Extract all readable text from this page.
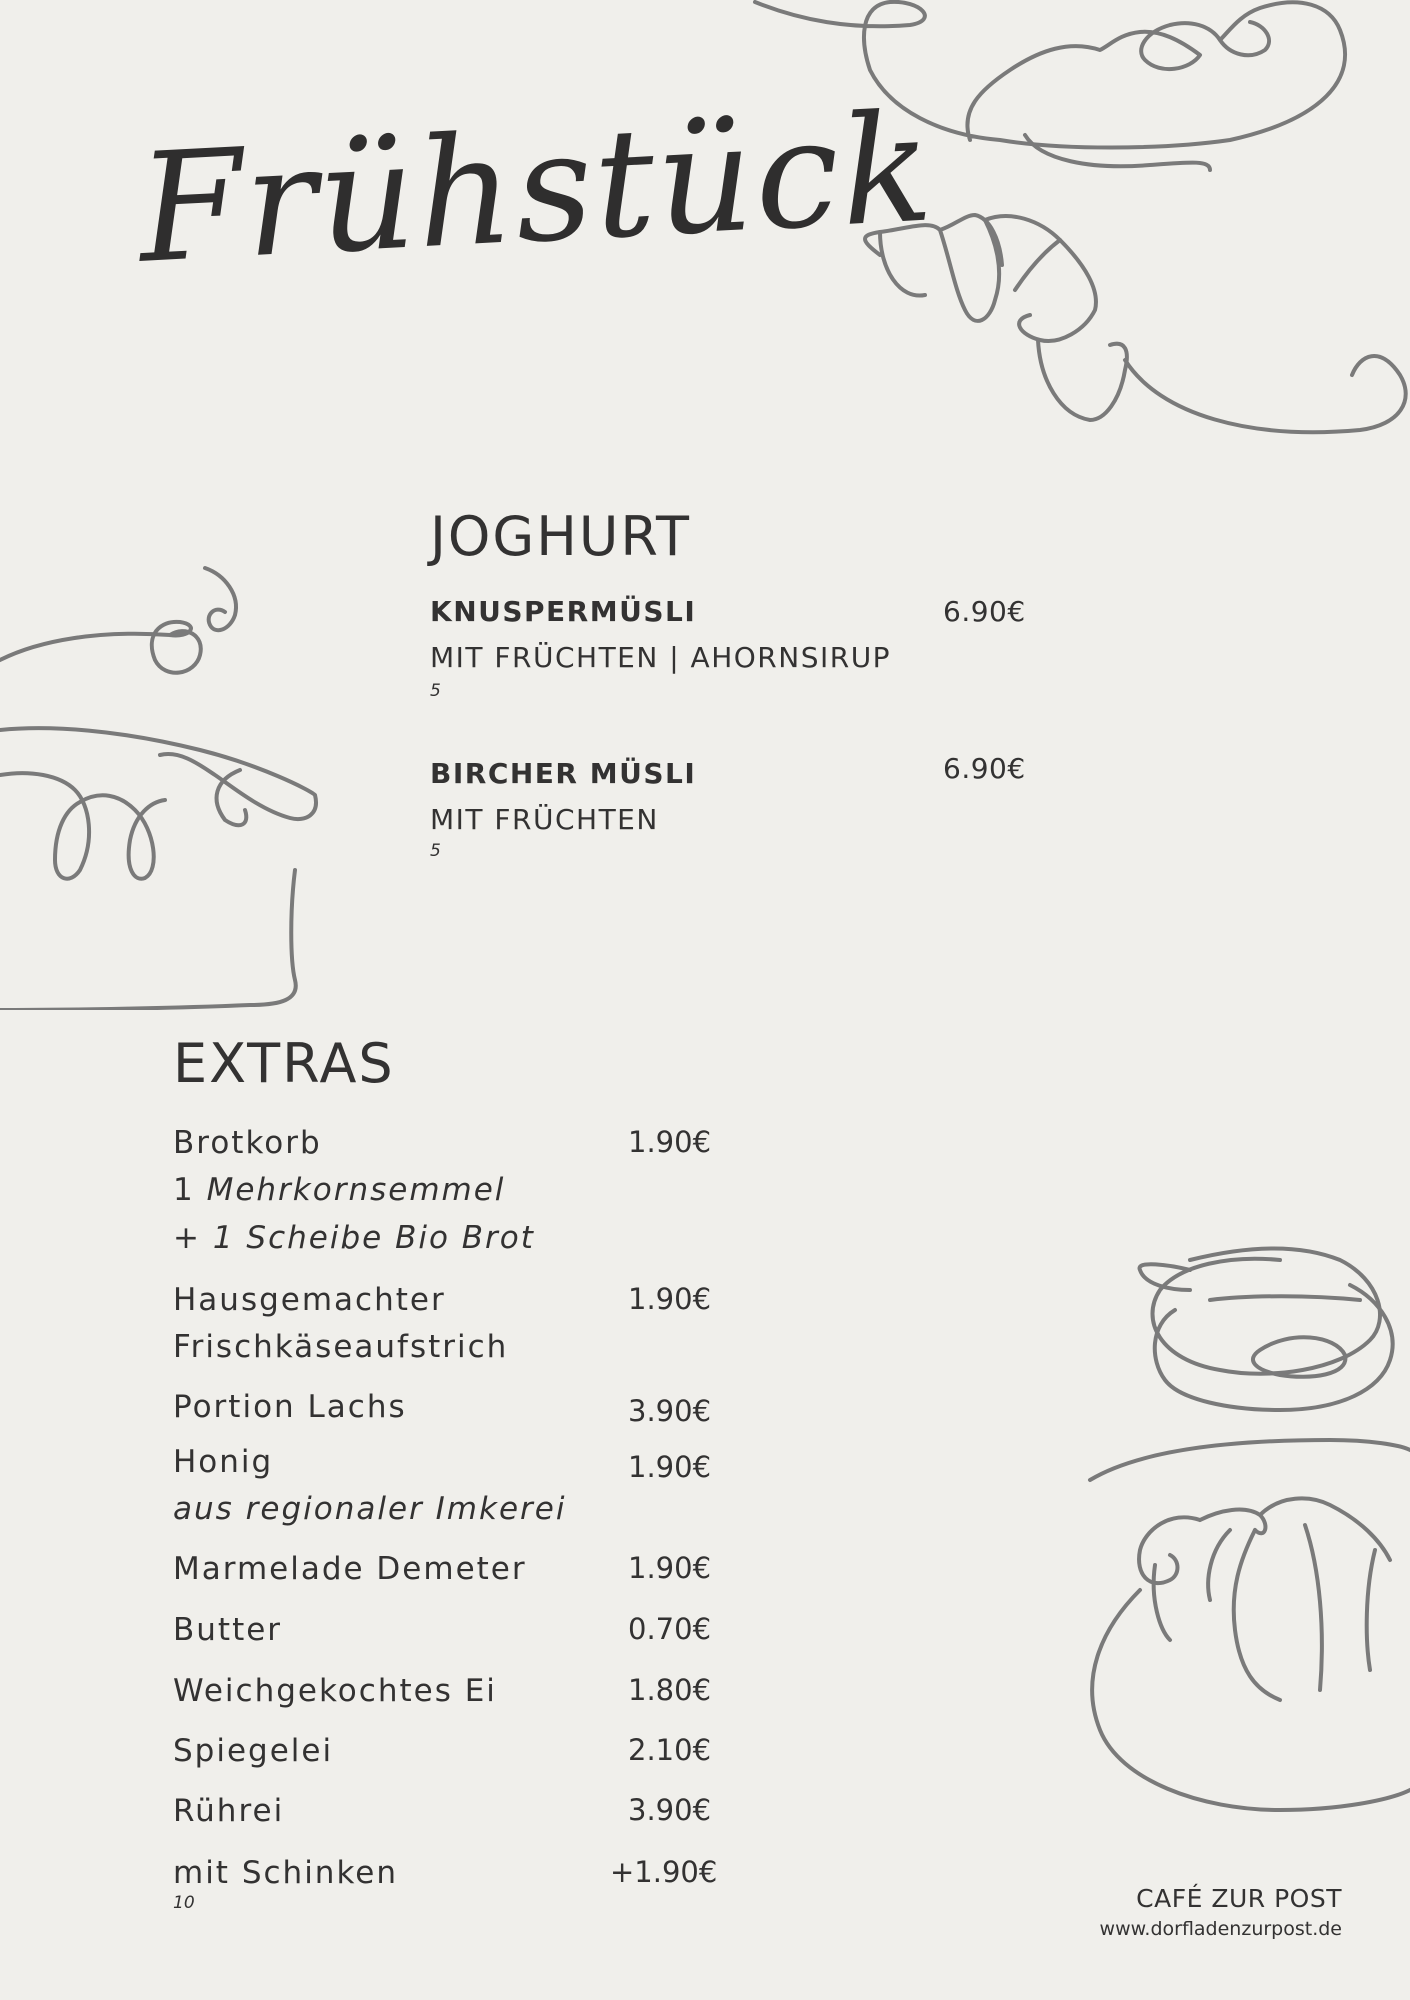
Frühstück
JOGHURT
KNUSPERMÜSLI	6.90€
MIT FRÜCHTEN | AHORNSIRUP
5
BIRCHER MÜSLI	6.90€
MIT FRÜCHTEN
5
EXTRAS
Brotkorb	1.90€
1 Mehrkornsemmel
+ 1 Scheibe Bio Brot
Hausgemachter	1.90€
Frischkäseaufstrich
Portion Lachs	3.90€
Honig	1.90€
aus regionaler Imkerei
Marmelade Demeter	1.90€
Butter	0.70€
Weichgekochtes Ei	1.80€
Spiegelei	2.10€
Rührei	3.90€
mit Schinken	+1.90€
10	CAFÉ ZUR POST
www.dorfladenzurpost.de
